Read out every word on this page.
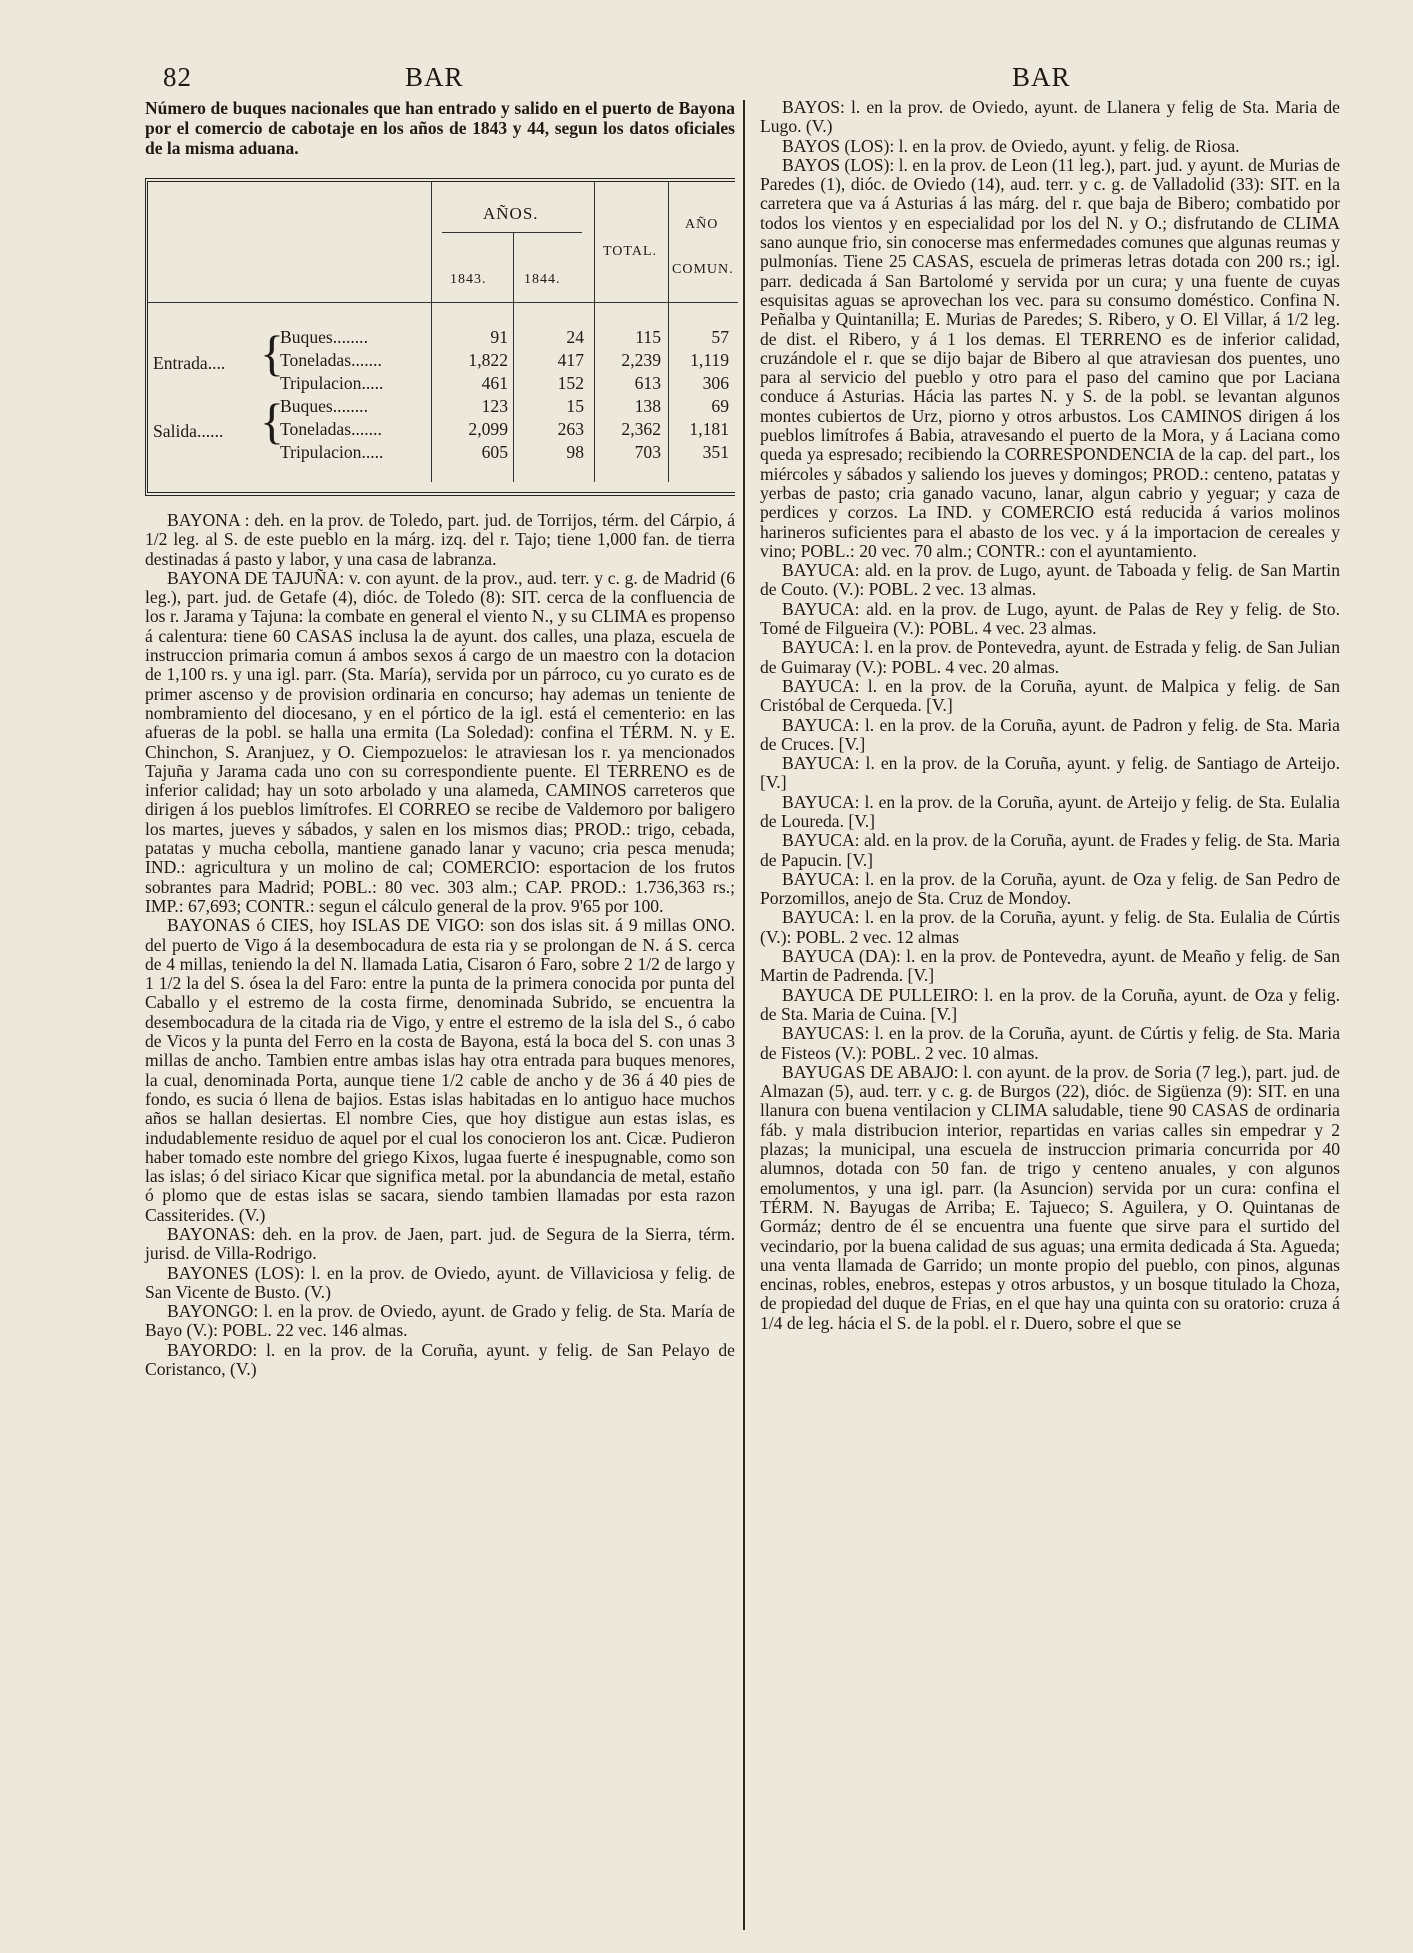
82	BAR	BAR

Número de buques nacionales que han entrado y salido en el puerto de Bayona por el comercio de cabotaje en los años de 1843 y 44, segun los datos oficiales de la misma aduana.

AÑOS.
1843.	1844.
TOTAL.
AÑO
COMUN.
Entrada.... {
Salida...... {
Buques........	91	24	115	57
Toneladas.......	1,822	417	2,239	1,119
Tripulacion.....	461	152	613	306
Buques........	123	15	138	69
Toneladas.......	2,099	263	2,362	1,181
Tripulacion.....	605	98	703	351

BAYONA : deh. en la prov. de Toledo, part. jud. de Torrijos, térm. del Cárpio, á 1/2 leg. al S. de este pueblo en la márg. izq. del r. Tajo; tiene 1,000 fan. de tierra destinadas á pasto y labor, y una casa de labranza.

BAYONA DE TAJUÑA: v. con ayunt. de la prov., aud. terr. y c. g. de Madrid (6 leg.), part. jud. de Getafe (4), dióc. de Toledo (8): SIT. cerca de la confluencia de los r. Jarama y Tajuna: la combate en general el viento N., y su CLIMA es propenso á calentura: tiene 60 CASAS inclusa la de ayunt. dos calles, una plaza, escuela de instruccion primaria comun á ambos sexos á cargo de un maestro con la dotacion de 1,100 rs. y una igl. parr. (Sta. María), servida por un párroco, cu yo curato es de primer ascenso y de provision ordinaria en concurso; hay ademas un teniente de nombramiento del diocesano, y en el pórtico de la igl. está el cementerio: en las afueras de la pobl. se halla una ermita (La Soledad): confina el TÉRM. N. y E. Chinchon, S. Aranjuez, y O. Ciempozuelos: le atraviesan los r. ya mencionados Tajuña y Jarama cada uno con su correspondiente puente. El TERRENO es de inferior calidad; hay un soto arbolado y una alameda, CAMINOS carreteros que dirigen á los pueblos limítrofes. El CORREO se recibe de Valdemoro por baligero los martes, jueves y sábados, y salen en los mismos dias; PROD.: trigo, cebada, patatas y mucha cebolla, mantiene ganado lanar y vacuno; cria pesca menuda; IND.: agricultura y un molino de cal; COMERCIO: esportacion de los frutos sobrantes para Madrid; POBL.: 80 vec. 303 alm.; CAP. PROD.: 1.736,363 rs.; IMP.: 67,693; CONTR.: segun el cálculo general de la prov. 9'65 por 100.

BAYONAS ó CIES, hoy ISLAS DE VIGO: son dos islas sit. á 9 millas ONO. del puerto de Vigo á la desembocadura de esta ria y se prolongan de N. á S. cerca de 4 millas, teniendo la del N. llamada Latia, Cisaron ó Faro, sobre 2 1/2 de largo y 1 1/2 la del S. ósea la del Faro: entre la punta de la primera conocida por punta del Caballo y el estremo de la costa firme, denominada Subrido, se encuentra la desembocadura de la citada ria de Vigo, y entre el estremo de la isla del S., ó cabo de Vicos y la punta del Ferro en la costa de Bayona, está la boca del S. con unas 3 millas de ancho. Tambien entre ambas islas hay otra entrada para buques menores, la cual, denominada Porta, aunque tiene 1/2 cable de ancho y de 36 á 40 pies de fondo, es sucia ó llena de bajios. Estas islas habitadas en lo antiguo hace muchos años se hallan desiertas. El nombre Cies, que hoy distigue aun estas islas, es indudablemente residuo de aquel por el cual los conocieron los ant. Cicæ. Pudieron haber tomado este nombre del griego Kixos, lugaa fuerte é inespugnable, como son las islas; ó del siriaco Kicar que significa metal. por la abundancia de metal, estaño ó plomo que de estas islas se sacara, siendo tambien llamadas por esta razon Cassiterides. (V.)

BAYONAS: deh. en la prov. de Jaen, part. jud. de Segura de la Sierra, térm. jurisd. de Villa-Rodrigo.

BAYONES (LOS): l. en la prov. de Oviedo, ayunt. de Villaviciosa y felig. de San Vicente de Busto. (V.)

BAYONGO: l. en la prov. de Oviedo, ayunt. de Grado y felig. de Sta. María de Bayo (V.): POBL. 22 vec. 146 almas.

BAYORDO: l. en la prov. de la Coruña, ayunt. y felig. de San Pelayo de Coristanco, (V.)

BAYOS: l. en la prov. de Oviedo, ayunt. de Llanera y felig de Sta. Maria de Lugo. (V.)

BAYOS (LOS): l. en la prov. de Oviedo, ayunt. y felig. de Riosa.

BAYOS (LOS): l. en la prov. de Leon (11 leg.), part. jud. y ayunt. de Murias de Paredes (1), dióc. de Oviedo (14), aud. terr. y c. g. de Valladolid (33): SIT. en la carretera que va á Asturias á las márg. del r. que baja de Bibero; combatido por todos los vientos y en especialidad por los del N. y O.; disfrutando de CLIMA sano aunque frio, sin conocerse mas enfermedades comunes que algunas reumas y pulmonías. Tiene 25 CASAS, escuela de primeras letras dotada con 200 rs.; igl. parr. dedicada á San Bartolomé y servida por un cura; y una fuente de cuyas esquisitas aguas se aprovechan los vec. para su consumo doméstico. Confina N. Peñalba y Quintanilla; E. Murias de Paredes; S. Ribero, y O. El Villar, á 1/2 leg. de dist. el Ribero, y á 1 los demas. El TERRENO es de inferior calidad, cruzándole el r. que se dijo bajar de Bibero al que atraviesan dos puentes, uno para al servicio del pueblo y otro para el paso del camino que por Laciana conduce á Asturias. Hácia las partes N. y S. de la pobl. se levantan algunos montes cubiertos de Urz, piorno y otros arbustos. Los CAMINOS dirigen á los pueblos limítrofes á Babia, atravesando el puerto de la Mora, y á Laciana como queda ya espresado; recibiendo la CORRESPONDENCIA de la cap. del part., los miércoles y sábados y saliendo los jueves y domingos; PROD.: centeno, patatas y yerbas de pasto; cria ganado vacuno, lanar, algun cabrio y yeguar; y caza de perdices y corzos. La IND. y COMERCIO está reducida á varios molinos harineros suficientes para el abasto de los vec. y á la importacion de cereales y vino; POBL.: 20 vec. 70 alm.; CONTR.: con el ayuntamiento.

BAYUCA: ald. en la prov. de Lugo, ayunt. de Taboada y felig. de San Martin de Couto. (V.): POBL. 2 vec. 13 almas.

BAYUCA: ald. en la prov. de Lugo, ayunt. de Palas de Rey y felig. de Sto. Tomé de Filgueira (V.): POBL. 4 vec. 23 almas.

BAYUCA: l. en la prov. de Pontevedra, ayunt. de Estrada y felig. de San Julian de Guimaray (V.): POBL. 4 vec. 20 almas.

BAYUCA: l. en la prov. de la Coruña, ayunt. de Malpica y felig. de San Cristóbal de Cerqueda. [V.]

BAYUCA: l. en la prov. de la Coruña, ayunt. de Padron y felig. de Sta. Maria de Cruces. [V.]

BAYUCA: l. en la prov. de la Coruña, ayunt. y felig. de Santiago de Arteijo. [V.]

BAYUCA: l. en la prov. de la Coruña, ayunt. de Arteijo y felig. de Sta. Eulalia de Loureda. [V.]

BAYUCA: ald. en la prov. de la Coruña, ayunt. de Frades y felig. de Sta. Maria de Papucin. [V.]

BAYUCA: l. en la prov. de la Coruña, ayunt. de Oza y felig. de San Pedro de Porzomillos, anejo de Sta. Cruz de Mondoy.

BAYUCA: l. en la prov. de la Coruña, ayunt. y felig. de Sta. Eulalia de Cúrtis (V.): POBL. 2 vec. 12 almas

BAYUCA (DA): l. en la prov. de Pontevedra, ayunt. de Meaño y felig. de San Martin de Padrenda. [V.]

BAYUCA DE PULLEIRO: l. en la prov. de la Coruña, ayunt. de Oza y felig. de Sta. Maria de Cuina. [V.]

BAYUCAS: l. en la prov. de la Coruña, ayunt. de Cúrtis y felig. de Sta. Maria de Fisteos (V.): POBL. 2 vec. 10 almas.

BAYUGAS DE ABAJO: l. con ayunt. de la prov. de Soria (7 leg.), part. jud. de Almazan (5), aud. terr. y c. g. de Burgos (22), dióc. de Sigüenza (9): SIT. en una llanura con buena ventilacion y CLIMA saludable, tiene 90 CASAS de ordinaria fáb. y mala distribucion interior, repartidas en varias calles sin empedrar y 2 plazas; la municipal, una escuela de instruccion primaria concurrida por 40 alumnos, dotada con 50 fan. de trigo y centeno anuales, y con algunos emolumentos, y una igl. parr. (la Asuncion) servida por un cura: confina el TÉRM. N. Bayugas de Arriba; E. Tajueco; S. Aguilera, y O. Quintanas de Gormáz; dentro de él se encuentra una fuente que sirve para el surtido del vecindario, por la buena calidad de sus aguas; una ermita dedicada á Sta. Agueda; una venta llamada de Garrido; un monte propio del pueblo, con pinos, algunas encinas, robles, enebros, estepas y otros arbustos, y un bosque titulado la Choza, de propiedad del duque de Frias, en el que hay una quinta con su oratorio: cruza á 1/4 de leg. hácia el S. de la pobl. el r. Duero, sobre el que se
